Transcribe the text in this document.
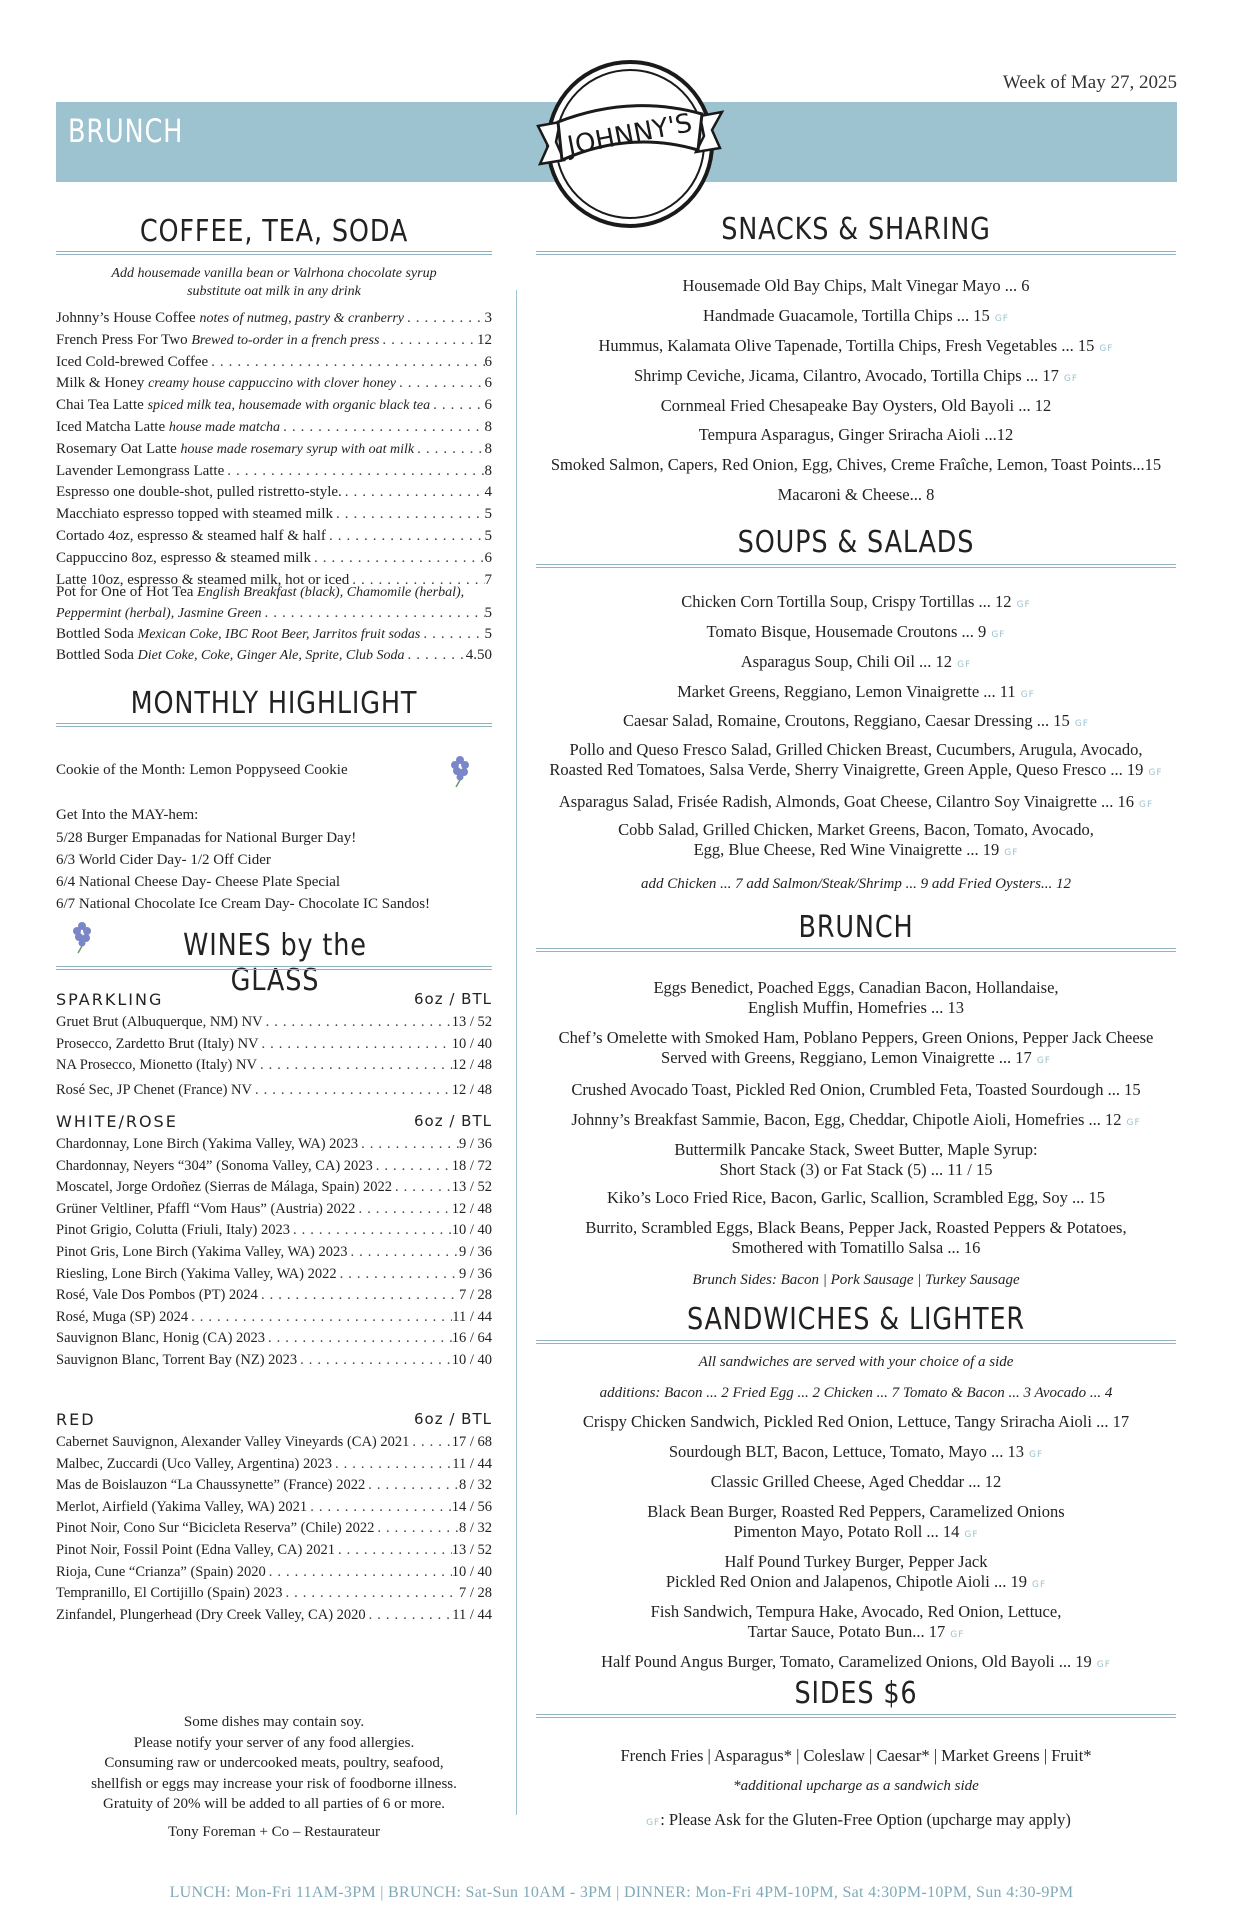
Week of May 27, 2025
BRUNCH	JOHNNY'S
COFFEE, TEA, SODA
Add housemade vanilla bean or Valrhona chocolate syrup
substitute oat milk in any drink
Johnny’s House Coffee notes of nutmeg, pastry & cranberry .....	3
French Press For Two Brewed to-order in a french press .....	12
Iced Cold-brewed Coffee .....	6
Milk & Honey creamy house cappuccino with clover honey .....	6
Chai Tea Latte spiced milk tea, housemade with organic black tea .....	6
Iced Matcha Latte house made matcha .....	8
Rosemary Oat Latte house made rosemary syrup with oat milk .....	8
Lavender Lemongrass Latte .....	8
Espresso one double-shot, pulled ristretto-style. .....	4
Macchiato espresso topped with steamed milk .....	5
Cortado 4oz, espresso & steamed half & half .....	5
Cappuccino 8oz, espresso & steamed milk .....	6
Latte 10oz, espresso & steamed milk, hot or iced .....	7
Pot for One of Hot Tea English Breakfast (black), Chamomile (herbal),
Peppermint (herbal), Jasmine Green .....	5
Bottled Soda Mexican Coke, IBC Root Beer, Jarritos fruit sodas .....	5
Bottled Soda Diet Coke, Coke, Ginger Ale, Sprite, Club Soda .....	4.50
MONTHLY HIGHLIGHT
Cookie of the Month: Lemon Poppyseed Cookie
Get Into the MAY-hem:
5/28 Burger Empanadas for National Burger Day!
6/3 World Cider Day- 1/2 Off Cider
6/4 National Cheese Day- Cheese Plate Special
6/7 National Chocolate Ice Cream Day- Chocolate IC Sandos!
WINES by the GLASS
SPARKLING	6oz / BTL
Gruet Brut (Albuquerque, NM) NV .....	13 / 52
Prosecco, Zardetto Brut (Italy) NV .....	10 / 40
NA Prosecco, Mionetto (Italy) NV .....	12 / 48
Rosé Sec, JP Chenet (France) NV .....	12 / 48
WHITE/ROSE	6oz / BTL
Chardonnay, Lone Birch (Yakima Valley, WA) 2023 .....	9 / 36
Chardonnay, Neyers “304” (Sonoma Valley, CA) 2023 .....	18 / 72
Moscatel, Jorge Ordoñez (Sierras de Málaga, Spain) 2022 .....	13 / 52
Grüner Veltliner, Pfaffl “Vom Haus” (Austria) 2022 .....	12 / 48
Pinot Grigio, Colutta (Friuli, Italy) 2023 .....	10 / 40
Pinot Gris, Lone Birch (Yakima Valley, WA) 2023 .....	9 / 36
Riesling, Lone Birch (Yakima Valley, WA) 2022 .....	9 / 36
Rosé, Vale Dos Pombos (PT) 2024 .....	7 / 28
Rosé, Muga (SP) 2024 .....	11 / 44
Sauvignon Blanc, Honig (CA) 2023 .....	16 / 64
Sauvignon Blanc, Torrent Bay (NZ) 2023 .....	10 / 40
RED	6oz / BTL
Cabernet Sauvignon, Alexander Valley Vineyards (CA) 2021 .....	17 / 68
Malbec, Zuccardi (Uco Valley, Argentina) 2023 .....	11 / 44
Mas de Boislauzon “La Chaussynette” (France) 2022 .....	8 / 32
Merlot, Airfield (Yakima Valley, WA) 2021 .....	14 / 56
Pinot Noir, Cono Sur “Bicicleta Reserva” (Chile) 2022 .....	8 / 32
Pinot Noir, Fossil Point (Edna Valley, CA) 2021 .....	13 / 52
Rioja, Cune “Crianza” (Spain) 2020 .....	10 / 40
Tempranillo, El Cortijillo (Spain) 2023 .....	7 / 28
Zinfandel, Plungerhead (Dry Creek Valley, CA) 2020 .....	11 / 44
Some dishes may contain soy.
Please notify your server of any food allergies.
Consuming raw or undercooked meats, poultry, seafood,
shellfish or eggs may increase your risk of foodborne illness.
Gratuity of 20% will be added to all parties of 6 or more.
Tony Foreman + Co – Restaurateur
SNACKS & SHARING
Housemade Old Bay Chips, Malt Vinegar Mayo ... 6
Handmade Guacamole, Tortilla Chips ... 15 GF
Hummus, Kalamata Olive Tapenade, Tortilla Chips, Fresh Vegetables ... 15 GF
Shrimp Ceviche, Jicama, Cilantro, Avocado, Tortilla Chips ... 17 GF
Cornmeal Fried Chesapeake Bay Oysters, Old Bayoli ... 12
Tempura Asparagus, Ginger Sriracha Aioli ...12
Smoked Salmon, Capers, Red Onion, Egg, Chives, Creme Fraîche, Lemon, Toast Points...15
Macaroni & Cheese... 8
SOUPS & SALADS
Chicken Corn Tortilla Soup, Crispy Tortillas ... 12 GF
Tomato Bisque, Housemade Croutons ... 9 GF
Asparagus Soup, Chili Oil ... 12 GF
Market Greens, Reggiano, Lemon Vinaigrette ... 11 GF
Caesar Salad, Romaine, Croutons, Reggiano, Caesar Dressing ... 15 GF
Pollo and Queso Fresco Salad, Grilled Chicken Breast, Cucumbers, Arugula, Avocado,
Roasted Red Tomatoes, Salsa Verde, Sherry Vinaigrette, Green Apple, Queso Fresco ... 19 GF
Asparagus Salad, Frisée Radish, Almonds, Goat Cheese, Cilantro Soy Vinaigrette ... 16 GF
Cobb Salad, Grilled Chicken, Market Greens, Bacon, Tomato, Avocado,
Egg, Blue Cheese, Red Wine Vinaigrette ... 19 GF
add Chicken ... 7 add Salmon/Steak/Shrimp ... 9 add Fried Oysters... 12
BRUNCH
Eggs Benedict, Poached Eggs, Canadian Bacon, Hollandaise,
English Muffin, Homefries ... 13
Chef’s Omelette with Smoked Ham, Poblano Peppers, Green Onions, Pepper Jack Cheese
Served with Greens, Reggiano, Lemon Vinaigrette ... 17 GF
Crushed Avocado Toast, Pickled Red Onion, Crumbled Feta, Toasted Sourdough ... 15
Johnny’s Breakfast Sammie, Bacon, Egg, Cheddar, Chipotle Aioli, Homefries ... 12 GF
Buttermilk Pancake Stack, Sweet Butter, Maple Syrup:
Short Stack (3) or Fat Stack (5) ... 11 / 15
Kiko’s Loco Fried Rice, Bacon, Garlic, Scallion, Scrambled Egg, Soy ... 15
Burrito, Scrambled Eggs, Black Beans, Pepper Jack, Roasted Peppers & Potatoes,
Smothered with Tomatillo Salsa ... 16
Brunch Sides: Bacon | Pork Sausage | Turkey Sausage
SANDWICHES & LIGHTER
All sandwiches are served with your choice of a side
additions: Bacon ... 2 Fried Egg ... 2 Chicken ... 7 Tomato & Bacon ... 3 Avocado ... 4
Crispy Chicken Sandwich, Pickled Red Onion, Lettuce, Tangy Sriracha Aioli ... 17
Sourdough BLT, Bacon, Lettuce, Tomato, Mayo ... 13 GF
Classic Grilled Cheese, Aged Cheddar ... 12
Black Bean Burger, Roasted Red Peppers, Caramelized Onions
Pimenton Mayo, Potato Roll ... 14 GF
Half Pound Turkey Burger, Pepper Jack
Pickled Red Onion and Jalapenos, Chipotle Aioli ... 19 GF
Fish Sandwich, Tempura Hake, Avocado, Red Onion, Lettuce,
Tartar Sauce, Potato Bun... 17 GF
Half Pound Angus Burger, Tomato, Caramelized Onions, Old Bayoli ... 19 GF
SIDES $6
French Fries | Asparagus* | Coleslaw | Caesar* | Market Greens | Fruit*
*additional upcharge as a sandwich side
GF: Please Ask for the Gluten-Free Option (upcharge may apply)
LUNCH: Mon-Fri 11AM-3PM | BRUNCH: Sat-Sun 10AM - 3PM | DINNER: Mon-Fri 4PM-10PM, Sat 4:30PM-10PM, Sun 4:30-9PM
